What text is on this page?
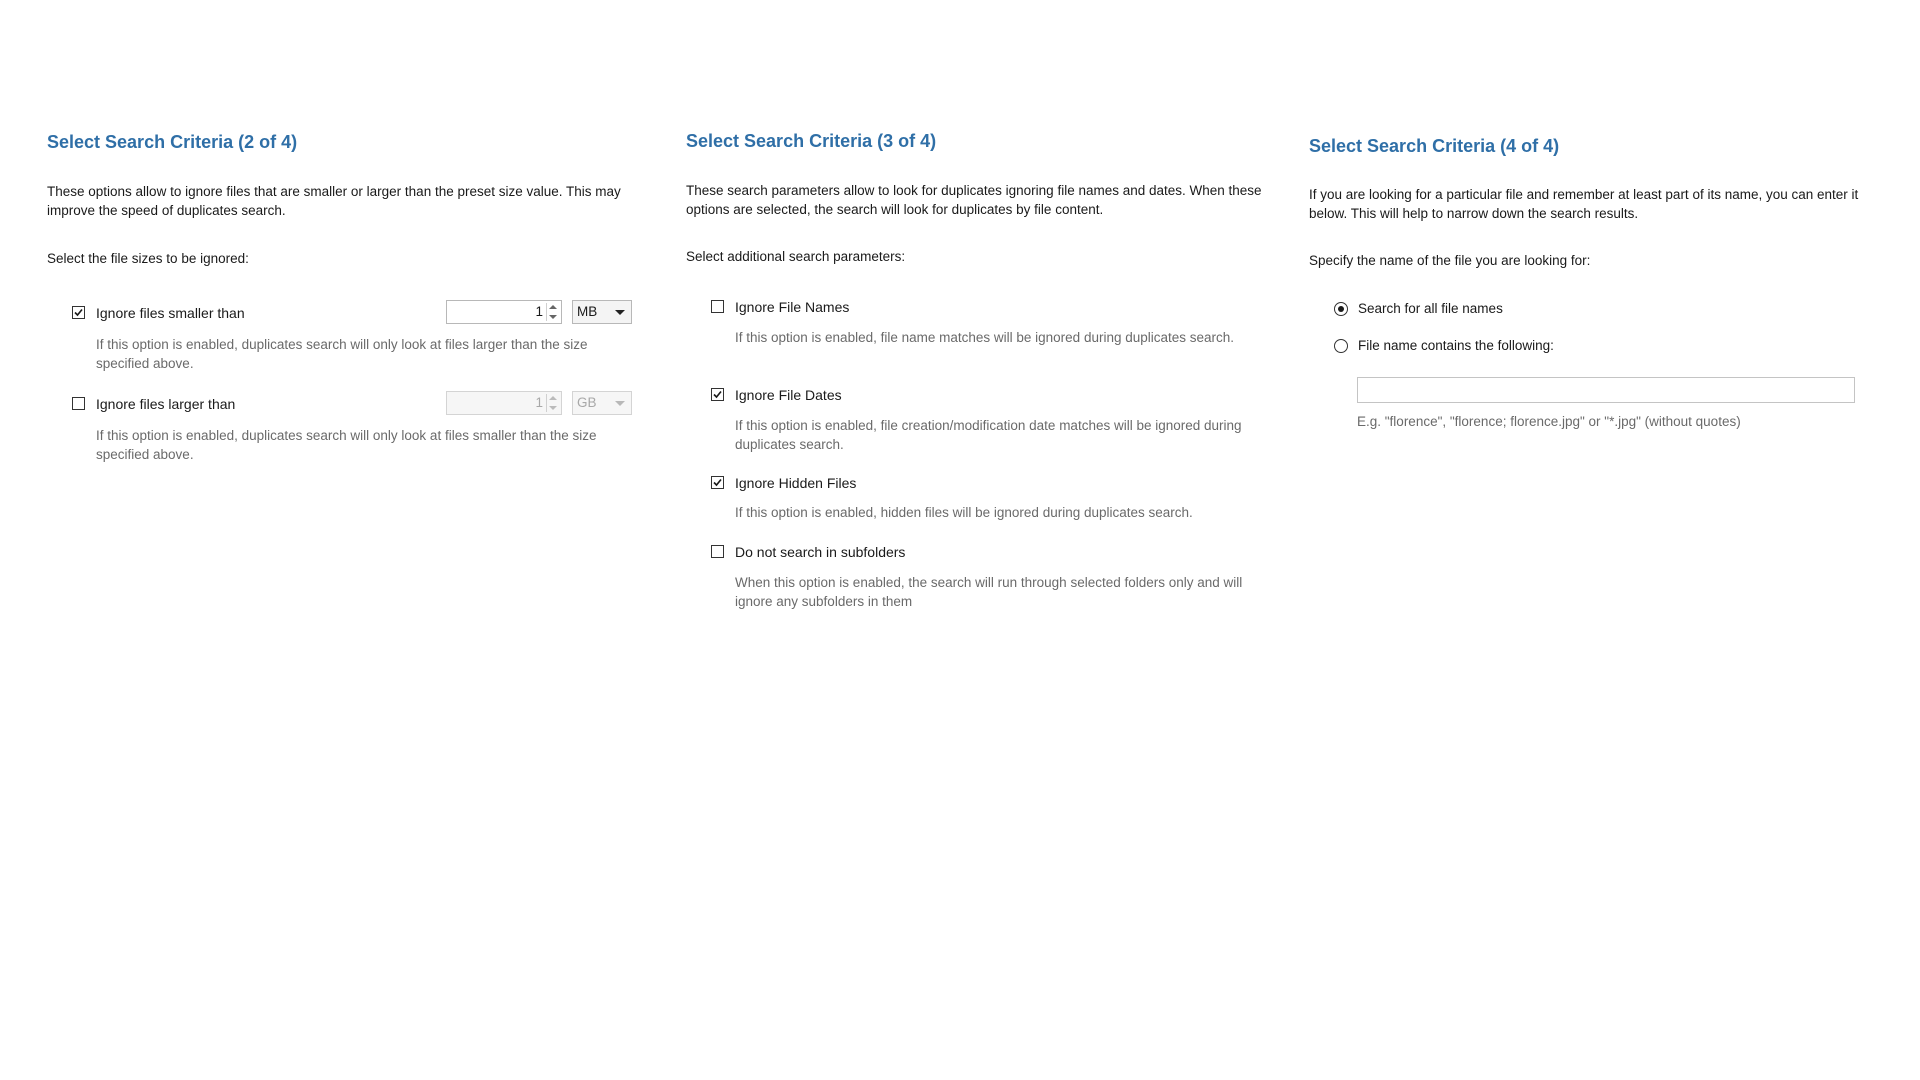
Select Search Criteria (2 of 4)
These options allow to ignore files that are smaller or larger than the preset size value. This may improve the speed of duplicates search.
Select the file sizes to be ignored:
Ignore files smaller than	1	MB
If this option is enabled, duplicates search will only look at files larger than the size specified above.
Ignore files larger than	1	GB
If this option is enabled, duplicates search will only look at files smaller than the size specified above.
Select Search Criteria (3 of 4)
These search parameters allow to look for duplicates ignoring file names and dates. When these options are selected, the search will look for duplicates by file content.
Select additional search parameters:
Ignore File Names
If this option is enabled, file name matches will be ignored during duplicates search.
Ignore File Dates
If this option is enabled, file creation/modification date matches will be ignored during duplicates search.
Ignore Hidden Files
If this option is enabled, hidden files will be ignored during duplicates search.
Do not search in subfolders
When this option is enabled, the search will run through selected folders only and will ignore any subfolders in them
Select Search Criteria (4 of 4)
If you are looking for a particular file and remember at least part of its name, you can enter it below. This will help to narrow down the search results.
Specify the name of the file you are looking for:
Search for all file names
File name contains the following:
E.g. "florence", "florence; florence.jpg" or "*.jpg" (without quotes)
